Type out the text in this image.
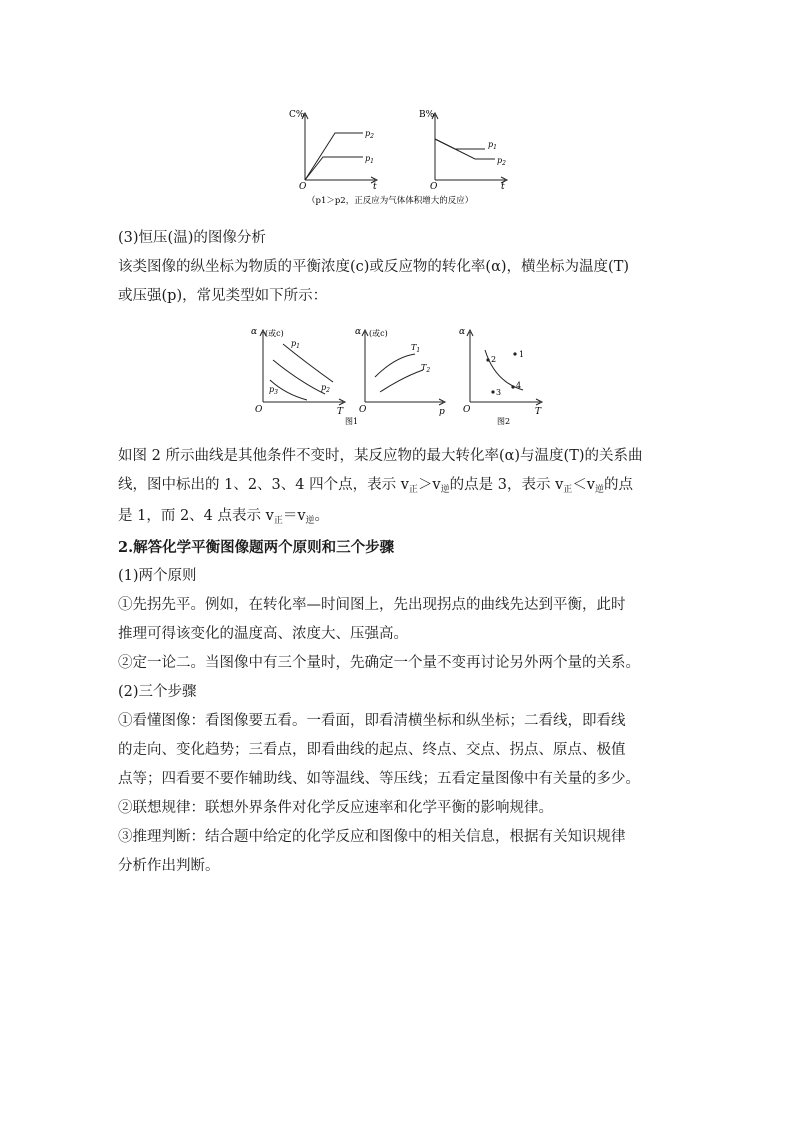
C%
O	t
$p_2$
$p_1$
B%
O	t
$p_1$
$p_2$
（p1＞p2，正反应为气体体积增大的反应）

(3)恒压(温)的图像分析

该类图像的纵坐标为物质的平衡浓度(c)或反应物的转化率(α)，横坐标为温度(T)

或压强(p)，常见类型如下所示：

α (或c)
O	T
$p_1$
$p_2$
$p_3$
α (或c)
O	p
$T_1$
$T_2$
α
O	T
2
1
3
4
图1	图2

如图 2 所示曲线是其他条件不变时，某反应物的最大转化率(α)与温度(T)的关系曲

线，图中标出的 1、2、3、4 四个点，表示 $v_正>v_逆$的点是 3，表示 $v_正<v_逆$的点

是 1，而 2、4 点表示 $v_正=v_逆$。

2.解答化学平衡图像题两个原则和三个步骤

(1)两个原则

①先拐先平。例如，在转化率—时间图上，先出现拐点的曲线先达到平衡，此时

推理可得该变化的温度高、浓度大、压强高。

②定一论二。当图像中有三个量时，先确定一个量不变再讨论另外两个量的关系。

(2)三个步骤

①看懂图像：看图像要五看。一看面，即看清横坐标和纵坐标；二看线，即看线

的走向、变化趋势；三看点，即看曲线的起点、终点、交点、拐点、原点、极值

点等；四看要不要作辅助线、如等温线、等压线；五看定量图像中有关量的多少。

②联想规律：联想外界条件对化学反应速率和化学平衡的影响规律。

③推理判断：结合题中给定的化学反应和图像中的相关信息，根据有关知识规律

分析作出判断。
